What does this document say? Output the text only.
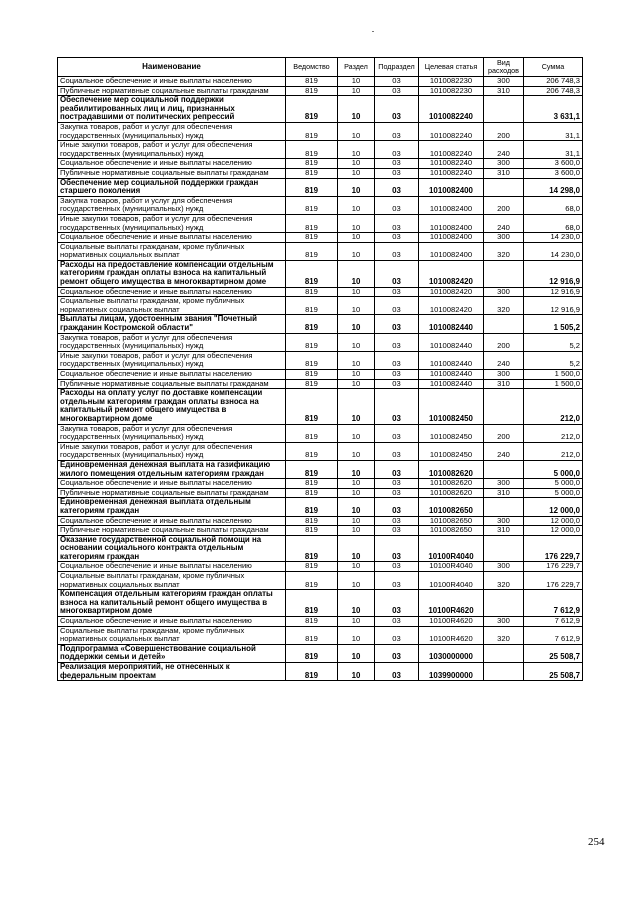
Наименование	Ведомство	Раздел	Подраздел	Целевая статья	Вид расходов	Сумма
Социальное обеспечение и иные выплаты населению	819	10	03	1010082230	300	206 748,3
Публичные нормативные социальные выплаты гражданам	819	10	03	1010082230	310	206 748,3
Обеспечение мер социальной поддержки реабилитированных лиц и лиц, признанных пострадавшими от политических репрессий	819	10	03	1010082240		3 631,1
Закупка товаров, работ и услуг для обеспечения государственных (муниципальных) нужд	819	10	03	1010082240	200	31,1
Иные закупки товаров, работ и услуг для обеспечения государственных (муниципальных) нужд	819	10	03	1010082240	240	31,1
Социальное обеспечение и иные выплаты населению	819	10	03	1010082240	300	3 600,0
Публичные нормативные социальные выплаты гражданам	819	10	03	1010082240	310	3 600,0
Обеспечение мер социальной поддержки граждан старшего поколения	819	10	03	1010082400		14 298,0
Закупка товаров, работ и услуг для обеспечения государственных (муниципальных) нужд	819	10	03	1010082400	200	68,0
Иные закупки товаров, работ и услуг для обеспечения государственных (муниципальных) нужд	819	10	03	1010082400	240	68,0
Социальное обеспечение и иные выплаты населению	819	10	03	1010082400	300	14 230,0
Социальные выплаты гражданам, кроме публичных нормативных социальных выплат	819	10	03	1010082400	320	14 230,0
Расходы на предоставление компенсации отдельным категориям граждан оплаты взноса на капитальный ремонт общего имущества в многоквартирном доме	819	10	03	1010082420		12 916,9
Социальное обеспечение и иные выплаты населению	819	10	03	1010082420	300	12 916,9
Социальные выплаты гражданам, кроме публичных нормативных социальных выплат	819	10	03	1010082420	320	12 916,9
Выплаты лицам, удостоенным звания "Почетный гражданин Костромской области"	819	10	03	1010082440		1 505,2
Закупка товаров, работ и услуг для обеспечения государственных (муниципальных) нужд	819	10	03	1010082440	200	5,2
Иные закупки товаров, работ и услуг для обеспечения государственных (муниципальных) нужд	819	10	03	1010082440	240	5,2
Социальное обеспечение и иные выплаты населению	819	10	03	1010082440	300	1 500,0
Публичные нормативные социальные выплаты гражданам	819	10	03	1010082440	310	1 500,0
Расходы на оплату услуг по доставке компенсации отдельным категориям граждан оплаты взноса на капитальный ремонт общего имущества в многоквартирном доме	819	10	03	1010082450		212,0
Закупка товаров, работ и услуг для обеспечения государственных (муниципальных) нужд	819	10	03	1010082450	200	212,0
Иные закупки товаров, работ и услуг для обеспечения государственных (муниципальных) нужд	819	10	03	1010082450	240	212,0
Единовременная денежная выплата на газификацию жилого помещения отдельным категориям граждан	819	10	03	1010082620		5 000,0
Социальное обеспечение и иные выплаты населению	819	10	03	1010082620	300	5 000,0
Публичные нормативные социальные выплаты гражданам	819	10	03	1010082620	310	5 000,0
Единовременная денежная выплата отдельным категориям граждан	819	10	03	1010082650		12 000,0
Социальное обеспечение и иные выплаты населению	819	10	03	1010082650	300	12 000,0
Публичные нормативные социальные выплаты гражданам	819	10	03	1010082650	310	12 000,0
Оказание государственной социальной помощи на основании социального контракта отдельным категориям граждан	819	10	03	10100R4040		176 229,7
Социальное обеспечение и иные выплаты населению	819	10	03	10100R4040	300	176 229,7
Социальные выплаты гражданам, кроме публичных нормативных социальных выплат	819	10	03	10100R4040	320	176 229,7
Компенсация отдельным категориям граждан оплаты взноса на капитальный ремонт общего имущества в многоквартирном доме	819	10	03	10100R4620		7 612,9
Социальное обеспечение и иные выплаты населению	819	10	03	10100R4620	300	7 612,9
Социальные выплаты гражданам, кроме публичных нормативных социальных выплат	819	10	03	10100R4620	320	7 612,9
Подпрограмма «Совершенствование социальной поддержки семьи и детей»	819	10	03	1030000000		25 508,7
Реализация мероприятий, не отнесенных к федеральным проектам	819	10	03	1039900000		25 508,7
254
